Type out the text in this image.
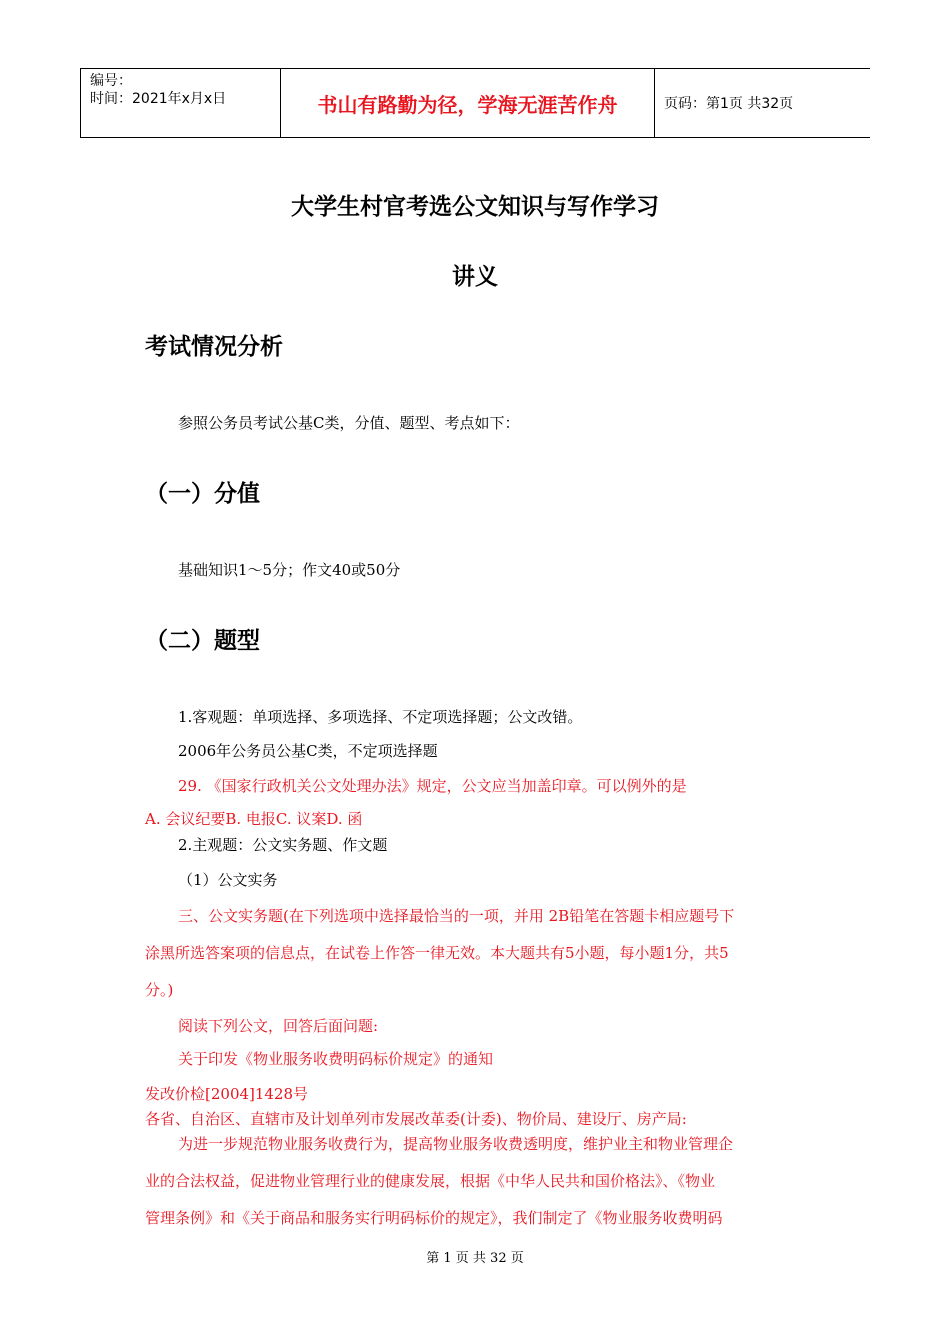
编号：
时间：2021年x月x日	书山有路勤为径，学海无涯苦作舟	页码：第1页 共32页
大学生村官考选公文知识与写作学习
讲义
考试情况分析
参照公务员考试公基C类，分值、题型、考点如下：
（一）分值
基础知识1～5分；作文40或50分
（二）题型
1.客观题：单项选择、多项选择、不定项选择题；公文改错。
2006年公务员公基C类，不定项选择题
29. 《国家行政机关公文处理办法》规定，公文应当加盖印章。可以例外的是
A. 会议纪要B. 电报C. 议案D. 函
2.主观题：公文实务题、作文题
（1）公文实务
三、公文实务题(在下列选项中选择最恰当的一项，并用 2B铅笔在答题卡相应题号下
涂黑所选答案项的信息点，在试卷上作答一律无效。本大题共有5小题，每小题1分，共5
分。)
阅读下列公文，回答后面问题:
关于印发《物业服务收费明码标价规定》的通知
发改价检[2004]1428号
各省、自治区、直辖市及计划单列市发展改革委(计委)、物价局、建设厅、房产局:
为进一步规范物业服务收费行为，提高物业服务收费透明度，维护业主和物业管理企
业的合法权益，促进物业管理行业的健康发展，根据《中华人民共和国价格法》、《物业
管理条例》和《关于商品和服务实行明码标价的规定》，我们制定了《物业服务收费明码
第 1 页 共 32 页
